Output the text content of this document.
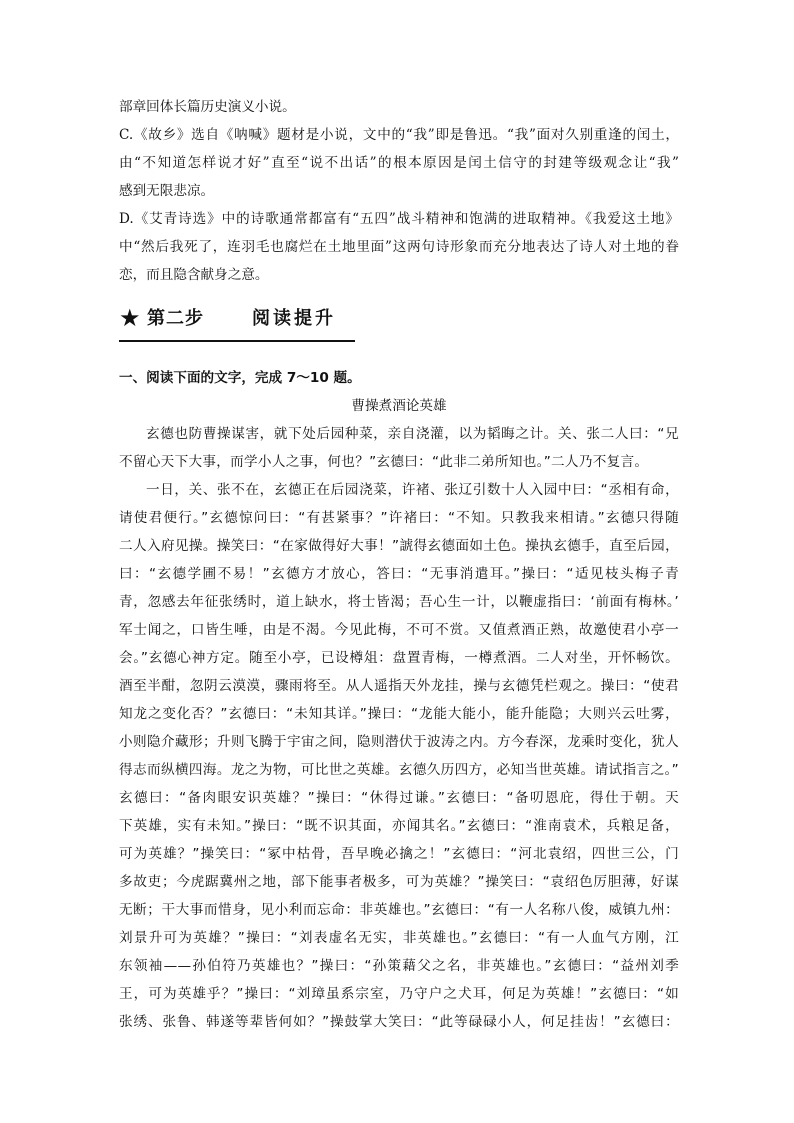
部章回体长篇历史演义小说。
C.《故乡》选自《呐喊》题材是小说，文中的“我”即是鲁迅。“我”面对久别重逢的闰土，
由“不知道怎样说才好”直至“说不出话”的根本原因是闰土信守的封建等级观念让“我”
感到无限悲凉。
D.《艾青诗选》中的诗歌通常都富有“五四”战斗精神和饱满的进取精神。《我爱这土地》
中“然后我死了，连羽毛也腐烂在土地里面”这两句诗形象而充分地表达了诗人对土地的眷
恋，而且隐含献身之意。
★ 第二步	阅读提升
一、阅读下面的文字，完成 7～10 题。
曹操煮酒论英雄
玄德也防曹操谋害，就下处后园种菜，亲自浇灌，以为韬晦之计。关、张二人曰：“兄
不留心天下大事，而学小人之事，何也？”玄德曰：“此非二弟所知也。”二人乃不复言。
一日，关、张不在，玄德正在后园浇菜，许褚、张辽引数十人入园中曰：“丞相有命，
请使君便行。”玄德惊问曰：“有甚紧事？”许褚曰：“不知。只教我来相请。”玄德只得随
二人入府见操。操笑曰：“在家做得好大事！”諕得玄德面如土色。操执玄德手，直至后园，
曰：“玄德学圃不易！”玄德方才放心，答曰：“无事消遣耳。”操曰：“适见枝头梅子青
青，忽感去年征张绣时，道上缺水，将士皆渴；吾心生一计，以鞭虚指曰：‘前面有梅林。’
军士闻之，口皆生唾，由是不渴。今见此梅，不可不赏。又值煮酒正熟，故邀使君小亭一
会。”玄德心神方定。随至小亭，已设樽俎：盘置青梅，一樽煮酒。二人对坐，开怀畅饮。
酒至半酣，忽阴云漠漠，骤雨将至。从人遥指天外龙挂，操与玄德凭栏观之。操曰：“使君
知龙之变化否？”玄德曰：“未知其详。”操曰：“龙能大能小，能升能隐；大则兴云吐雾，
小则隐介藏形；升则飞腾于宇宙之间，隐则潜伏于波涛之内。方今春深，龙乘时变化，犹人
得志而纵横四海。龙之为物，可比世之英雄。玄德久历四方，必知当世英雄。请试指言之。”
玄德曰：“备肉眼安识英雄？”操曰：“休得过谦。”玄德曰：“备叨恩庇，得仕于朝。天
下英雄，实有未知。”操曰：“既不识其面，亦闻其名。”玄德曰：“淮南袁术，兵粮足备，
可为英雄？”操笑曰：“冢中枯骨，吾早晚必擒之！”玄德曰：“河北袁绍，四世三公，门
多故吏；今虎踞冀州之地，部下能事者极多，可为英雄？”操笑曰：“袁绍色厉胆薄，好谋
无断；干大事而惜身，见小利而忘命：非英雄也。”玄德曰：“有一人名称八俊，威镇九州：
刘景升可为英雄？”操曰：“刘表虚名无实，非英雄也。”玄德曰：“有一人血气方刚，江
东领袖——孙伯符乃英雄也？”操曰：“孙策藉父之名，非英雄也。”玄德曰：“益州刘季
王，可为英雄乎？”操曰：“刘璋虽系宗室，乃守户之犬耳，何足为英雄！”玄德曰：“如
张绣、张鲁、韩遂等辈皆何如？”操鼓掌大笑曰：“此等碌碌小人，何足挂齿！”玄德曰：
